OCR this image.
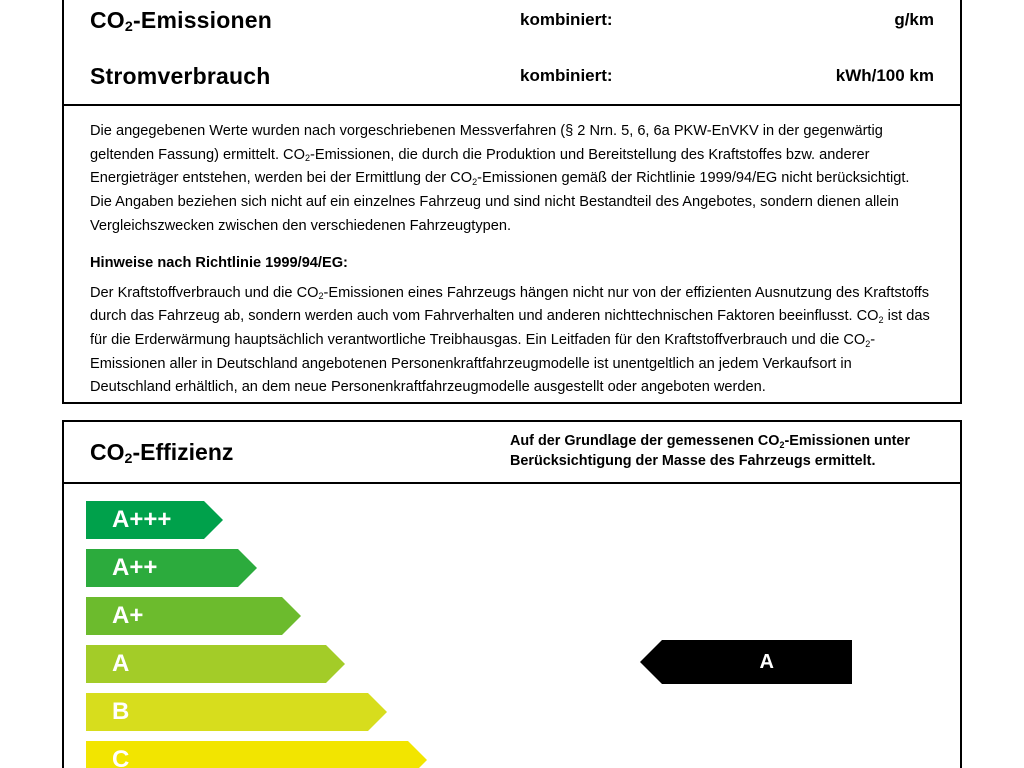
$CO_2$-Emissionen	kombiniert:	g/km
Stromverbrauch	kombiniert:	kWh/100 km

Die angegebenen Werte wurden nach vorgeschriebenen Messverfahren (§ 2 Nrn. 5, 6, 6a PKW-EnVKV in der gegenwärtig geltenden Fassung) ermittelt. $CO_2$-Emissionen, die durch die Produktion und Bereitstellung des Kraftstoffes bzw. anderer Energieträger entstehen, werden bei der Ermittlung der $CO_2$-Emissionen gemäß der Richtlinie 1999/94/EG nicht berücksichtigt. Die Angaben beziehen sich nicht auf ein einzelnes Fahrzeug und sind nicht Bestandteil des Angebotes, sondern dienen allein Vergleichszwecken zwischen den verschiedenen Fahrzeugtypen.

Hinweise nach Richtlinie 1999/94/EG:

Der Kraftstoffverbrauch und die $CO_2$-Emissionen eines Fahrzeugs hängen nicht nur von der effizienten Ausnutzung des Kraftstoffs durch das Fahrzeug ab, sondern werden auch vom Fahrverhalten und anderen nichttechnischen Faktoren beeinflusst. $CO_2$ ist das für die Erderwärmung hauptsächlich verantwortliche Treibhausgas. Ein Leitfaden für den Kraftstoffverbrauch und die $CO_2$-Emissionen aller in Deutschland angebotenen Personenkraftfahrzeugmodelle ist unentgeltlich an jedem Verkaufsort in Deutschland erhältlich, an dem neue Personenkraftfahrzeugmodelle ausgestellt oder angeboten werden.

$CO_2$-Effizienz	Auf der Grundlage der gemessenen $CO_2$-Emissionen unter
Berücksichtigung der Masse des Fahrzeugs ermittelt.
A+++
A++
A+
A
B
C
A
